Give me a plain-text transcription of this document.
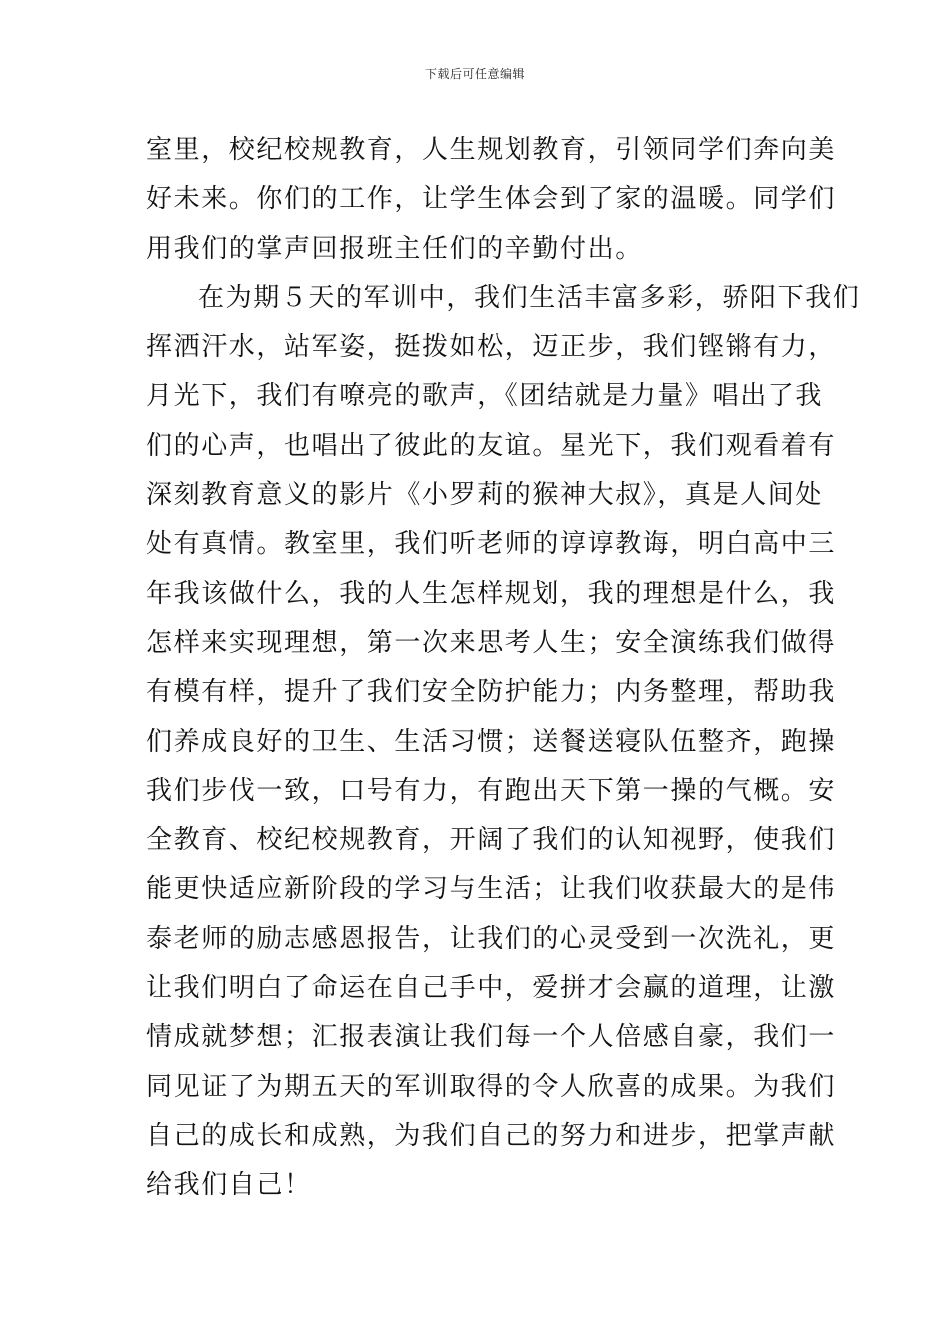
下载后可任意编辑
室里，校纪校规教育，人生规划教育，引领同学们奔向美
好未来。你们的工作，让学生体会到了家的温暖。同学们
用我们的掌声回报班主任们的辛勤付出。
在为期５天的军训中，我们生活丰富多彩，骄阳下我们
挥洒汗水，站军姿，挺拨如松，迈正步，我们铿锵有力，
月光下，我们有嘹亮的歌声，《团结就是力量》唱出了我
们的心声，也唱出了彼此的友谊。星光下，我们观看着有
深刻教育意义的影片《小罗莉的猴神大叔》，真是人间处
处有真情。教室里，我们听老师的谆谆教诲，明白高中三
年我该做什么，我的人生怎样规划，我的理想是什么，我
怎样来实现理想，第一次来思考人生；安全演练我们做得
有模有样，提升了我们安全防护能力；内务整理，帮助我
们养成良好的卫生、生活习惯；送餐送寝队伍整齐，跑操
我们步伐一致，口号有力，有跑出天下第一操的气概。安
全教育、校纪校规教育，开阔了我们的认知视野，使我们
能更快适应新阶段的学习与生活；让我们收获最大的是伟
泰老师的励志感恩报告，让我们的心灵受到一次洗礼，更
让我们明白了命运在自己手中，爱拼才会赢的道理，让激
情成就梦想；汇报表演让我们每一个人倍感自豪，我们一
同见证了为期五天的军训取得的令人欣喜的成果。为我们
自己的成长和成熟，为我们自己的努力和进步，把掌声献
给我们自己！
